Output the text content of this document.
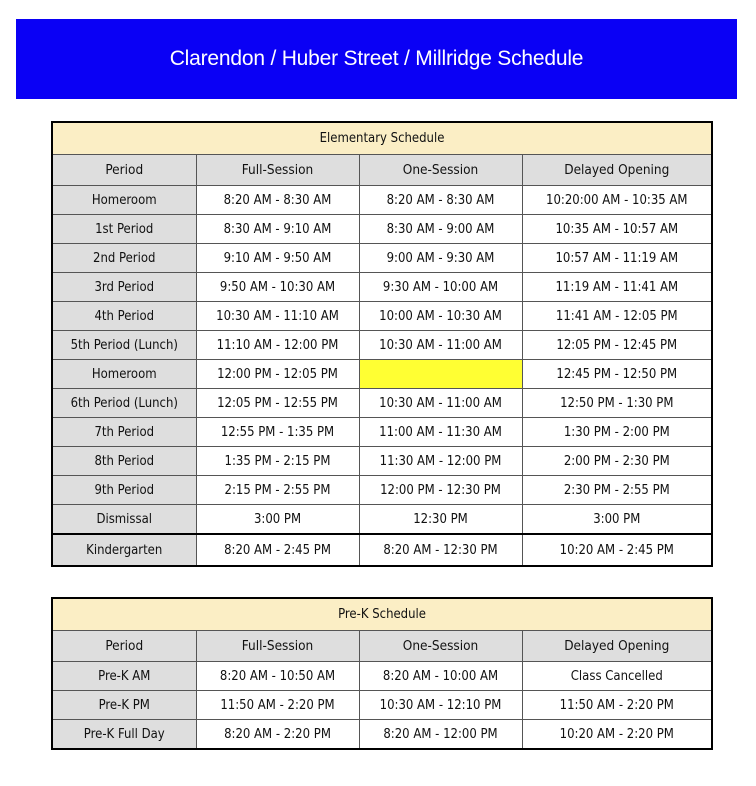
Clarendon / Huber Street / Millridge Schedule
Elementary Schedule			
Period	Full-Session	One-Session	Delayed Opening
Homeroom	8:20 AM - 8:30 AM	8:20 AM - 8:30 AM	10:20:00 AM - 10:35 AM
1st Period	8:30 AM - 9:10 AM	8:30 AM - 9:00 AM	10:35 AM - 10:57 AM
2nd Period	9:10 AM - 9:50 AM	9:00 AM - 9:30 AM	10:57 AM - 11:19 AM
3rd Period	9:50 AM - 10:30 AM	9:30 AM - 10:00 AM	11:19 AM - 11:41 AM
4th Period	10:30 AM - 11:10 AM	10:00 AM - 10:30 AM	11:41 AM - 12:05 PM
5th Period (Lunch)	11:10 AM - 12:00 PM	10:30 AM - 11:00 AM	12:05 PM - 12:45 PM
Homeroom	12:00 PM - 12:05 PM		12:45 PM - 12:50 PM
6th Period (Lunch)	12:05 PM - 12:55 PM	10:30 AM - 11:00 AM	12:50 PM - 1:30 PM
7th Period	12:55 PM - 1:35 PM	11:00 AM - 11:30 AM	1:30 PM - 2:00 PM
8th Period	1:35 PM - 2:15 PM	11:30 AM - 12:00 PM	2:00 PM - 2:30 PM
9th Period	2:15 PM - 2:55 PM	12:00 PM - 12:30 PM	2:30 PM - 2:55 PM
Dismissal	3:00 PM	12:30 PM	3:00 PM
Kindergarten	8:20 AM - 2:45 PM	8:20 AM - 12:30 PM	10:20 AM - 2:45 PM
Pre-K Schedule			
Period	Full-Session	One-Session	Delayed Opening
Pre-K AM	8:20 AM - 10:50 AM	8:20 AM - 10:00 AM	Class Cancelled
Pre-K PM	11:50 AM - 2:20 PM	10:30 AM - 12:10 PM	11:50 AM - 2:20 PM
Pre-K Full Day	8:20 AM - 2:20 PM	8:20 AM - 12:00 PM	10:20 AM - 2:20 PM
